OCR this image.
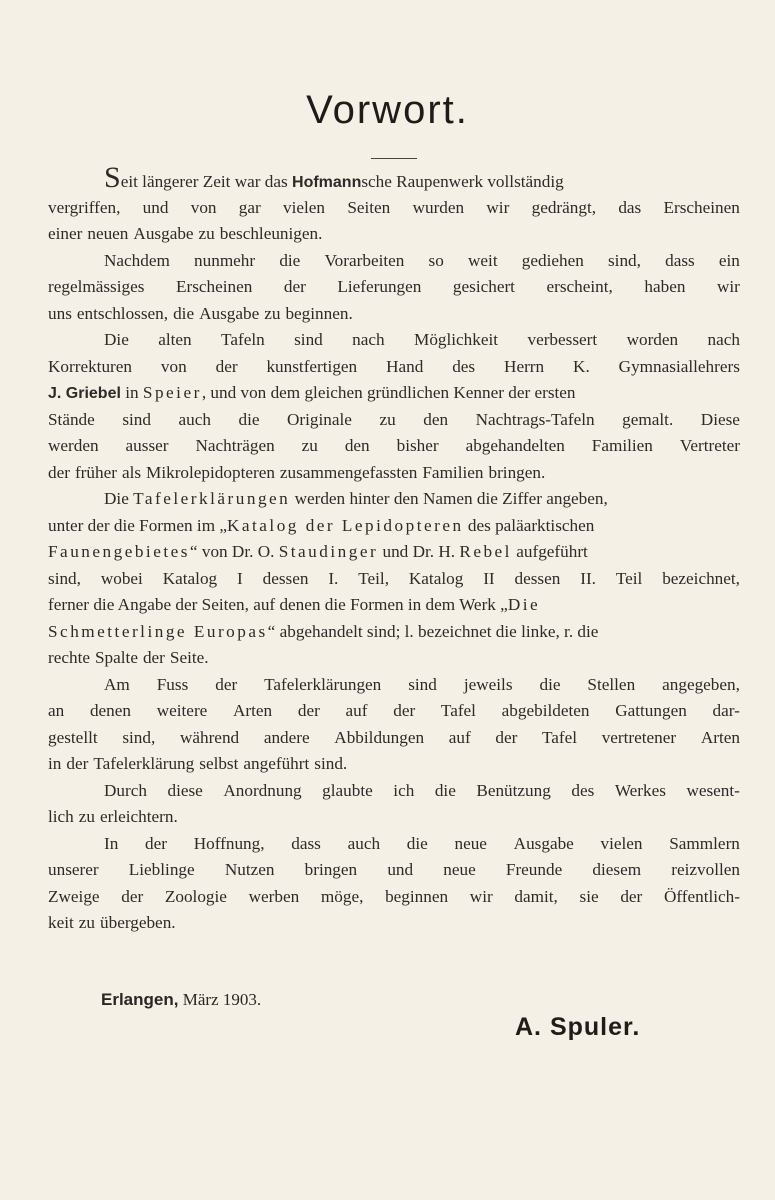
Vorwort.
Seit längerer Zeit war das Hofmannsche Raupenwerk vollständig
vergriffen, und von gar vielen Seiten wurden wir gedrängt, das Erscheinen
einer neuen Ausgabe zu beschleunigen.
Nachdem nunmehr die Vorarbeiten so weit gediehen sind, dass ein
regelmässiges Erscheinen der Lieferungen gesichert erscheint, haben wir
uns entschlossen, die Ausgabe zu beginnen.
Die alten Tafeln sind nach Möglichkeit verbessert worden nach
Korrekturen von der kunstfertigen Hand des Herrn K. Gymnasiallehrers
J. Griebel in Speier, und von dem gleichen gründlichen Kenner der ersten
Stände sind auch die Originale zu den Nachtrags-Tafeln gemalt. Diese
werden ausser Nachträgen zu den bisher abgehandelten Familien Vertreter
der früher als Mikrolepidopteren zusammengefassten Familien bringen.
Die Tafelerklärungen werden hinter den Namen die Ziffer angeben,
unter der die Formen im „Katalog der Lepidopteren des paläarktischen
Faunengebietes“ von Dr. O. Staudinger und Dr. H. Rebel aufgeführt
sind, wobei Katalog I dessen I. Teil, Katalog II dessen II. Teil bezeichnet,
ferner die Angabe der Seiten, auf denen die Formen in dem Werk „Die
Schmetterlinge Europas“ abgehandelt sind; l. bezeichnet die linke, r. die
rechte Spalte der Seite.
Am Fuss der Tafelerklärungen sind jeweils die Stellen angegeben,
an denen weitere Arten der auf der Tafel abgebildeten Gattungen dar-
gestellt sind, während andere Abbildungen auf der Tafel vertretener Arten
in der Tafelerklärung selbst angeführt sind.
Durch diese Anordnung glaubte ich die Benützung des Werkes wesent-
lich zu erleichtern.
In der Hoffnung, dass auch die neue Ausgabe vielen Sammlern
unserer Lieblinge Nutzen bringen und neue Freunde diesem reizvollen
Zweige der Zoologie werben möge, beginnen wir damit, sie der Öffentlich-
keit zu übergeben.
Erlangen, März 1903.
A. Spuler.
